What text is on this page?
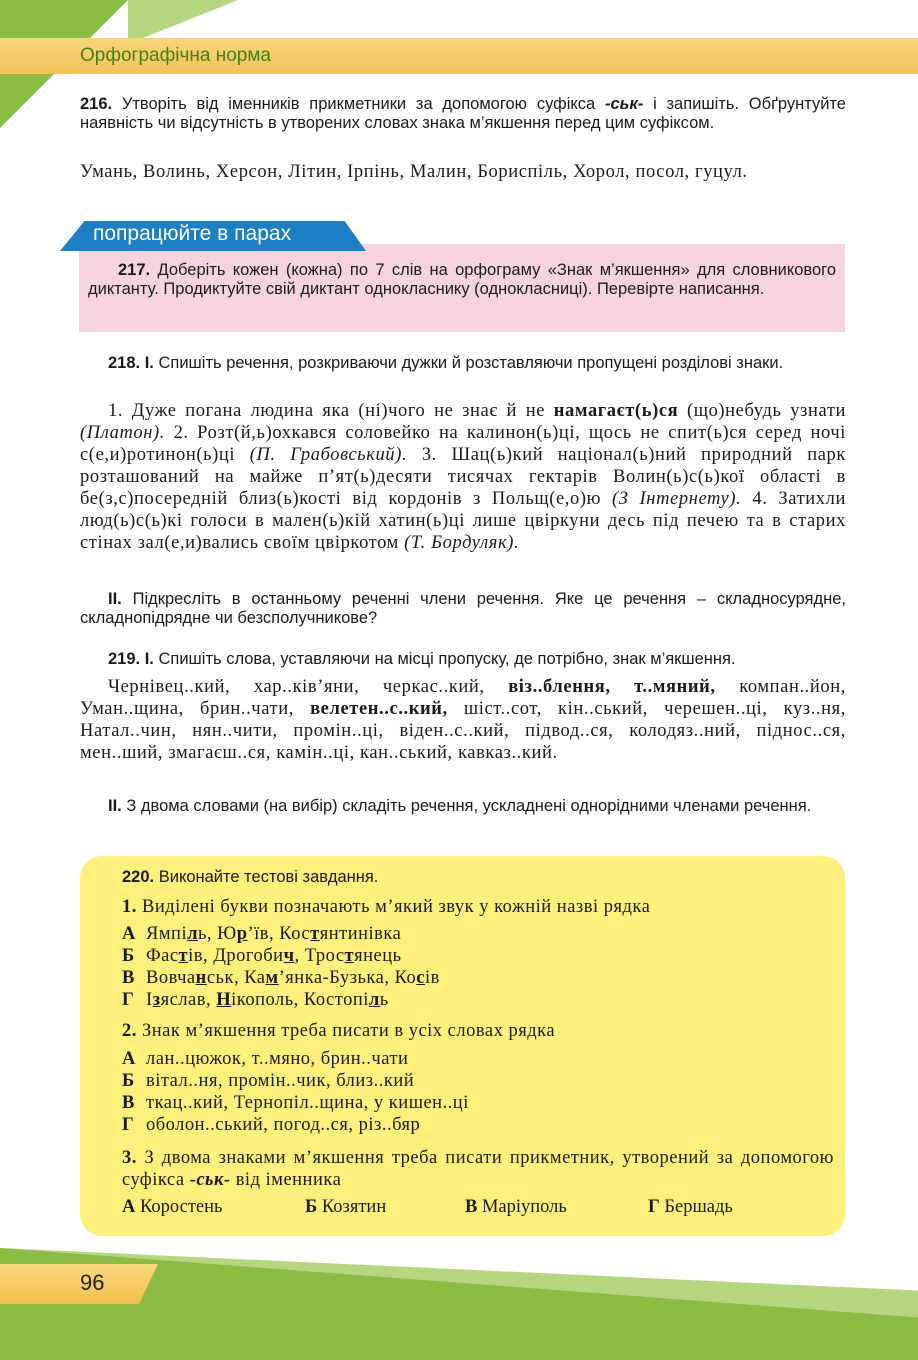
Орфографічна норма
216. Утворіть від іменників прикметники за допомогою суфікса -ськ- і запишіть. Обґрунтуйте наявність чи відсутність в утворених словах знака м’якшення перед цим суфіксом.
Умань, Волинь, Херсон, Літин, Ірпінь, Малин, Бориспіль, Хорол, посол, гуцул.
попрацюйте в парах
217. Доберіть кожен (кожна) по 7 слів на орфограму «Знак м’якшення» для словникового диктанту. Продиктуйте свій диктант однокласнику (однокласниці). Перевірте написання.
218. I. Спишіть речення, розкриваючи дужки й розставляючи пропущені розділові знаки.
1. Дуже погана людина яка (ні)чого не знає й не намагаєт(ь)ся (що)небудь узнати (Платон). 2. Розт(й,ь)охкався соловейко на калинон(ь)ці, щось не спит(ь)ся серед ночі с(е,и)ротинон(ь)ці (П. Грабовський). 3. Шац(ь)кий націонал(ь)ний природний парк розташований на майже п’ят(ь)десяти тисячах гектарів Волин(ь)с(ь)кої області в бе(з,с)посередній близ(ь)кості від кордонів з Польщ(е,о)ю (З Інтернету). 4. Затихли люд(ь)с(ь)кі голоси в мален(ь)кій хатин(ь)ці лише цвіркуни десь під печею та в старих стінах зал(е,и)вались своїм цвіркотом (Т. Бордуляк).
II. Підкресліть в останньому реченні члени речення. Яке це речення – складносурядне, складнопідрядне чи безсполучникове?
219. I. Спишіть слова, уставляючи на місці пропуску, де потрібно, знак м’якшення.
Чернівец..кий, хар..ків’яни, черкас..кий, віз..блення, т..мяний, компан..йон, Уман..щина, брин..чати, велетен..с..кий, шіст..сот, кін..ський, черешен..ці, куз..ня, Натал..чин, нян..чити, промін..ці, віден..с..кий, підвод..ся, колодяз..ний, піднос..ся, мен..ший, змагаєш..ся, камін..ці, кан..ський, кавказ..кий.
II. З двома словами (на вибір) складіть речення, ускладнені однорідними членами речення.
220. Виконайте тестові завдання.
1. Виділені букви позначають м’який звук у кожній назві рядка
А Ямпіль, Юр’їв, Костянтинівка
Б Фастів, Дрогобич, Тростянець
В Вовчанськ, Кам’янка-Бузька, Косів
Г Ізяслав, Нікополь, Костопіль
2. Знак м’якшення треба писати в усіх словах рядка
А лан..цюжок, т..мяно, брин..чати
Б вітал..ня, промін..чик, близ..кий
В ткац..кий, Тернопіл..щина, у кишен..ці
Г оболон..ський, погод..ся, різ..бяр
3. З двома знаками м’якшення треба писати прикметник, утворений за допомогою суфікса -ськ- від іменника
А Коростень	Б Козятин	В Маріуполь	Г Бершадь
96
